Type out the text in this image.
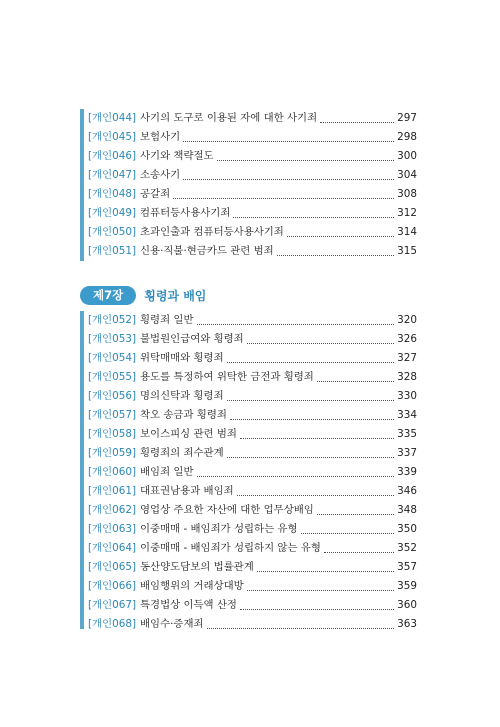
[개인044] 사기의 도구로 이용된 자에 대한 사기죄	297
[개인045] 보험사기	298
[개인046] 사기와 책략절도	300
[개인047] 소송사기	304
[개인048] 공갈죄	308
[개인049] 컴퓨터등사용사기죄	312
[개인050] 초과인출과 컴퓨터등사용사기죄	314
[개인051] 신용·직불·현금카드 관련 범죄	315
제7장	횡령과 배임
[개인052] 횡령죄 일반	320
[개인053] 불법원인급여와 횡령죄	326
[개인054] 위탁매매와 횡령죄	327
[개인055] 용도를 특정하여 위탁한 금전과 횡령죄	328
[개인056] 명의신탁과 횡령죄	330
[개인057] 착오 송금과 횡령죄	334
[개인058] 보이스피싱 관련 범죄	335
[개인059] 횡령죄의 죄수관계	337
[개인060] 배임죄 일반	339
[개인061] 대표권남용과 배임죄	346
[개인062] 영업상 주요한 자산에 대한 업무상배임	348
[개인063] 이중매매 - 배임죄가 성립하는 유형	350
[개인064] 이중매매 - 배임죄가 성립하지 않는 유형	352
[개인065] 동산양도담보의 법률관계	357
[개인066] 배임행위의 거래상대방	359
[개인067] 특경법상 이득액 산정	360
[개인068] 배임수·증재죄	363
